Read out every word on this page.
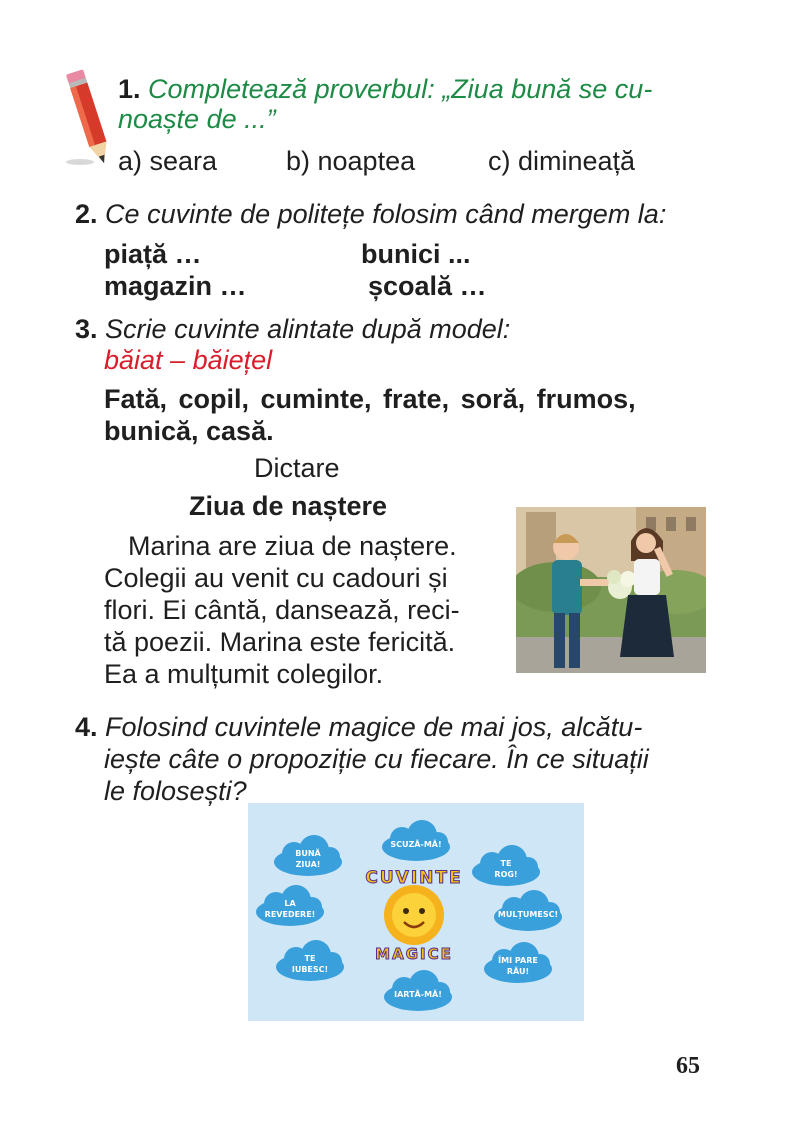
1. Completează proverbul: „Ziua bună se cu-
noaște de ...”
a) seara	b) noaptea	c) dimineață
2. Ce cuvinte de politețe folosim când mergem la:
piață …	bunici ...
magazin …	școală …
3. Scrie cuvinte alintate după model:
băiat – băiețel
Fată, copil, cuminte, frate, soră, frumos,
bunică, casă.
Dictare
Ziua de naștere
Marina are ziua de naștere.
Colegii au venit cu cadouri și
flori. Ei cântă, dansează, reci-
tă poezii. Marina este fericită.
Ea a mulțumit colegilor.
4. Folosind cuvintele magice de mai jos, alcătu-
iește câte o propoziție cu fiecare. În ce situații
le folosești?
BUNĂ
ZIUA!
SCUZĂ-MĂ!
TE
ROG!
LA
REVEDERE!	MULȚUMESC!
TE
IUBESC!
ÎMI PARE
RĂU!
IARTĂ-MĂ!
CUVINTE
MAGICE
65
